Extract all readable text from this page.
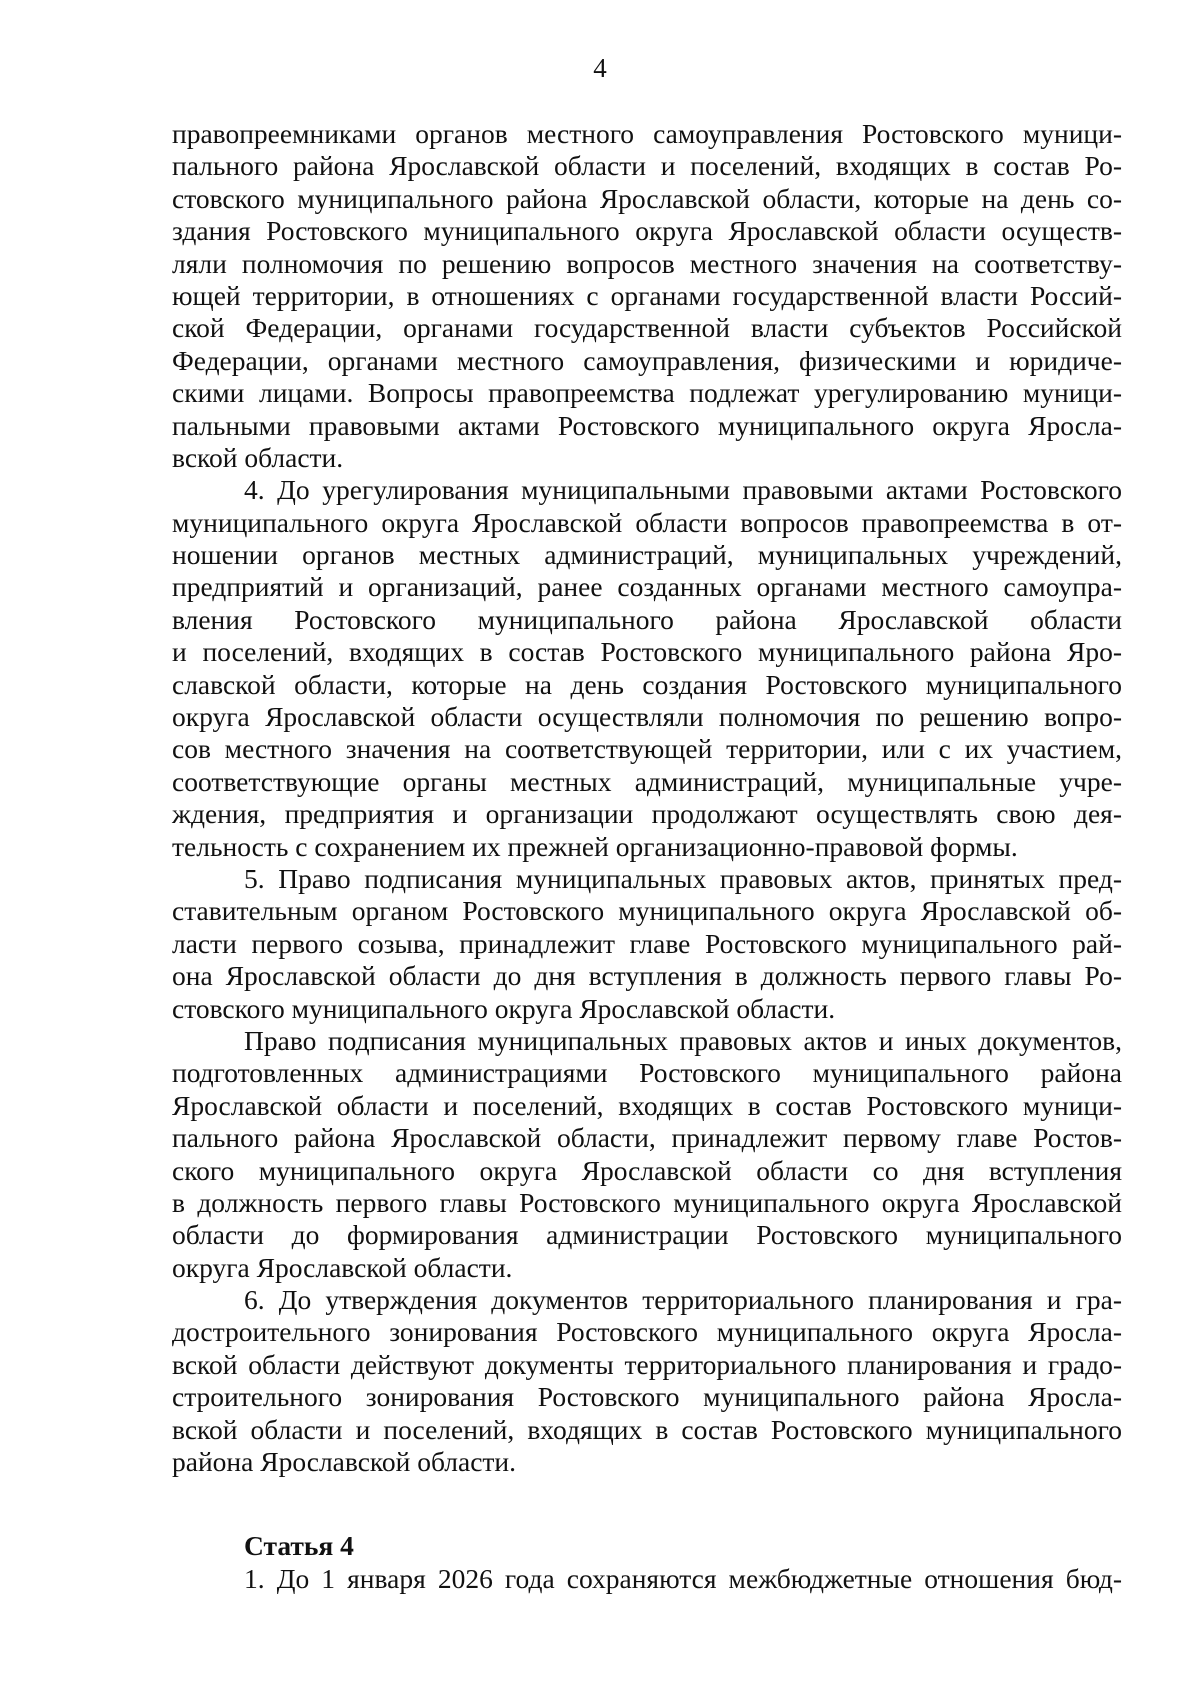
4
правопреемниками органов местного самоуправления Ростовского муници-
пального района Ярославской области и поселений, входящих в состав Ро-
стовского муниципального района Ярославской области, которые на день со-
здания Ростовского муниципального округа Ярославской области осуществ-
ляли полномочия по решению вопросов местного значения на соответству-
ющей территории, в отношениях с органами государственной власти Россий-
ской Федерации, органами государственной власти субъектов Российской
Федерации, органами местного самоуправления, физическими и юридиче-
скими лицами. Вопросы правопреемства подлежат урегулированию муници-
пальными правовыми актами Ростовского муниципального округа Яросла-
вской области.
4. До урегулирования муниципальными правовыми актами Ростовского
муниципального округа Ярославской области вопросов правопреемства в от-
ношении органов местных администраций, муниципальных учреждений,
предприятий и организаций, ранее созданных органами местного самоупра-
вления Ростовского муниципального района Ярославской области
и поселений, входящих в состав Ростовского муниципального района Яро-
славской области, которые на день создания Ростовского муниципального
округа Ярославской области осуществляли полномочия по решению вопро-
сов местного значения на соответствующей территории, или с их участием,
соответствующие органы местных администраций, муниципальные учре-
ждения, предприятия и организации продолжают осуществлять свою дея-
тельность с сохранением их прежней организационно-правовой формы.
5. Право подписания муниципальных правовых актов, принятых пред-
ставительным органом Ростовского муниципального округа Ярославской об-
ласти первого созыва, принадлежит главе Ростовского муниципального рай-
она Ярославской области до дня вступления в должность первого главы Ро-
стовского муниципального округа Ярославской области.
Право подписания муниципальных правовых актов и иных документов,
подготовленных администрациями Ростовского муниципального района
Ярославской области и поселений, входящих в состав Ростовского муници-
пального района Ярославской области, принадлежит первому главе Ростов-
ского муниципального округа Ярославской области со дня вступления
в должность первого главы Ростовского муниципального округа Ярославской
области до формирования администрации Ростовского муниципального
округа Ярославской области.
6. До утверждения документов территориального планирования и гра-
достроительного зонирования Ростовского муниципального округа Яросла-
вской области действуют документы территориального планирования и градо-
строительного зонирования Ростовского муниципального района Яросла-
вской области и поселений, входящих в состав Ростовского муниципального
района Ярославской области.
Статья 4
1. До 1 января 2026 года сохраняются межбюджетные отношения бюд-
